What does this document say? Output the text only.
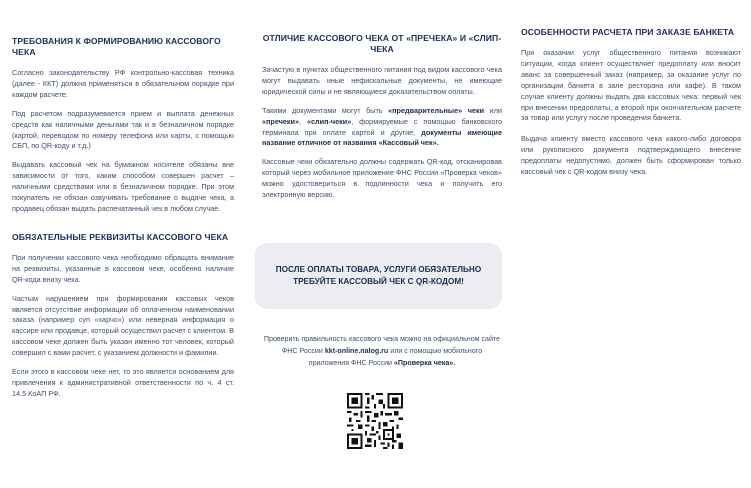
ТРЕБОВАНИЯ К ФОРМИРОВАНИЮ КАССОВОГО ЧЕКА

Согласно законодательству РФ контрольно-кассовая техника (далее - ККТ) должна применяться в обязательном порядке при каждом расчете.

Под расчетом подразумевается прием и выплата денежных средств как наличными деньгами так и в безналичном порядке (картой, переводом по номеру телефона или карты, с помощью СБП, по QR-коду и т.д.)

Выдавать кассовый чек на бумажном носителе обязаны вне зависимости от того, каким способом совершен расчет – наличными средствами или в безналичном порядке. При этом покупатель не обязан озвучивать требование о выдаче чека, а продавец обязан выдать распечатанный чек в любом случае.

ОБЯЗАТЕЛЬНЫЕ РЕКВИЗИТЫ КАССОВОГО ЧЕКА

При получении кассового чека необходимо обращать внимание на реквизиты, указанные в кассовом чеке, особенно наличие QR-кода внизу чека.

Частым нарушением при формировании кассовых чеков является отсутствие информации об оплаченном наименовании заказа (например суп «харчо») или неверная информация о кассире или продавце, который осуществил расчет с клиентом. В кассовом чеке должен быть указан именно тот человек, который совершил с вами расчет, с указанием должности и фамилии.

Если этого в кассовом чеке нет, то это является основанием для привлечения к административной ответственности по ч. 4 ст. 14.5 КоАП РФ.

ОТЛИЧИЕ КАССОВОГО ЧЕКА ОТ «ПРЕЧЕКА» И «СЛИП-ЧЕКА

Зачастую в пунктах общественного питания под видом кассового чека могут выдавать иные нефискальные документы, не имеющие юридической силы и не являющиеся доказательством оплаты.

Такими документами могут быть «предварительные» чеки или «пречеки», «слип-чеки», формируемые с помощью банковского терминала при оплате картой и другие, документы имеющие название отличное от названия «Кассовый чек».

Кассовые чеки обязательно должны содержать QR-код, отсканировав который через мобильное приложение ФНС России «Проверка чеков» можно удостовериться в подлинности чека и получить его электронную версию.

ПОСЛЕ ОПЛАТЫ ТОВАРА, УСЛУГИ ОБЯЗАТЕЛЬНО
ТРЕБУЙТЕ КАССОВЫЙ ЧЕК С QR-КОДОМ!

Проверить правильность кассового чека можно на официальном сайте ФНС России kkt-online.nalog.ru или с помощью мобильного приложения ФНС России «Проверка чека».

ОСОБЕННОСТИ РАСЧЕТА ПРИ ЗАКАЗЕ БАНКЕТА

При оказании услуг общественного питания возникают ситуации, когда клиент осуществляет предоплату или вносит аванс за совершенный заказ (например, за оказание услуг по организации банкета в зале ресторана или кафе). В таком случае клиенту должны выдать два кассовых чека: первый чек при внесении предоплаты, а второй при окончательном расчете за товар или услугу после проведения банкета.

Выдача клиенту вместо кассового чека какого-либо договора или рукописного документа подтверждающего внесение предоплаты недопустимо, должен быть сформирован только кассовый чек с QR-кодом внизу чека.
